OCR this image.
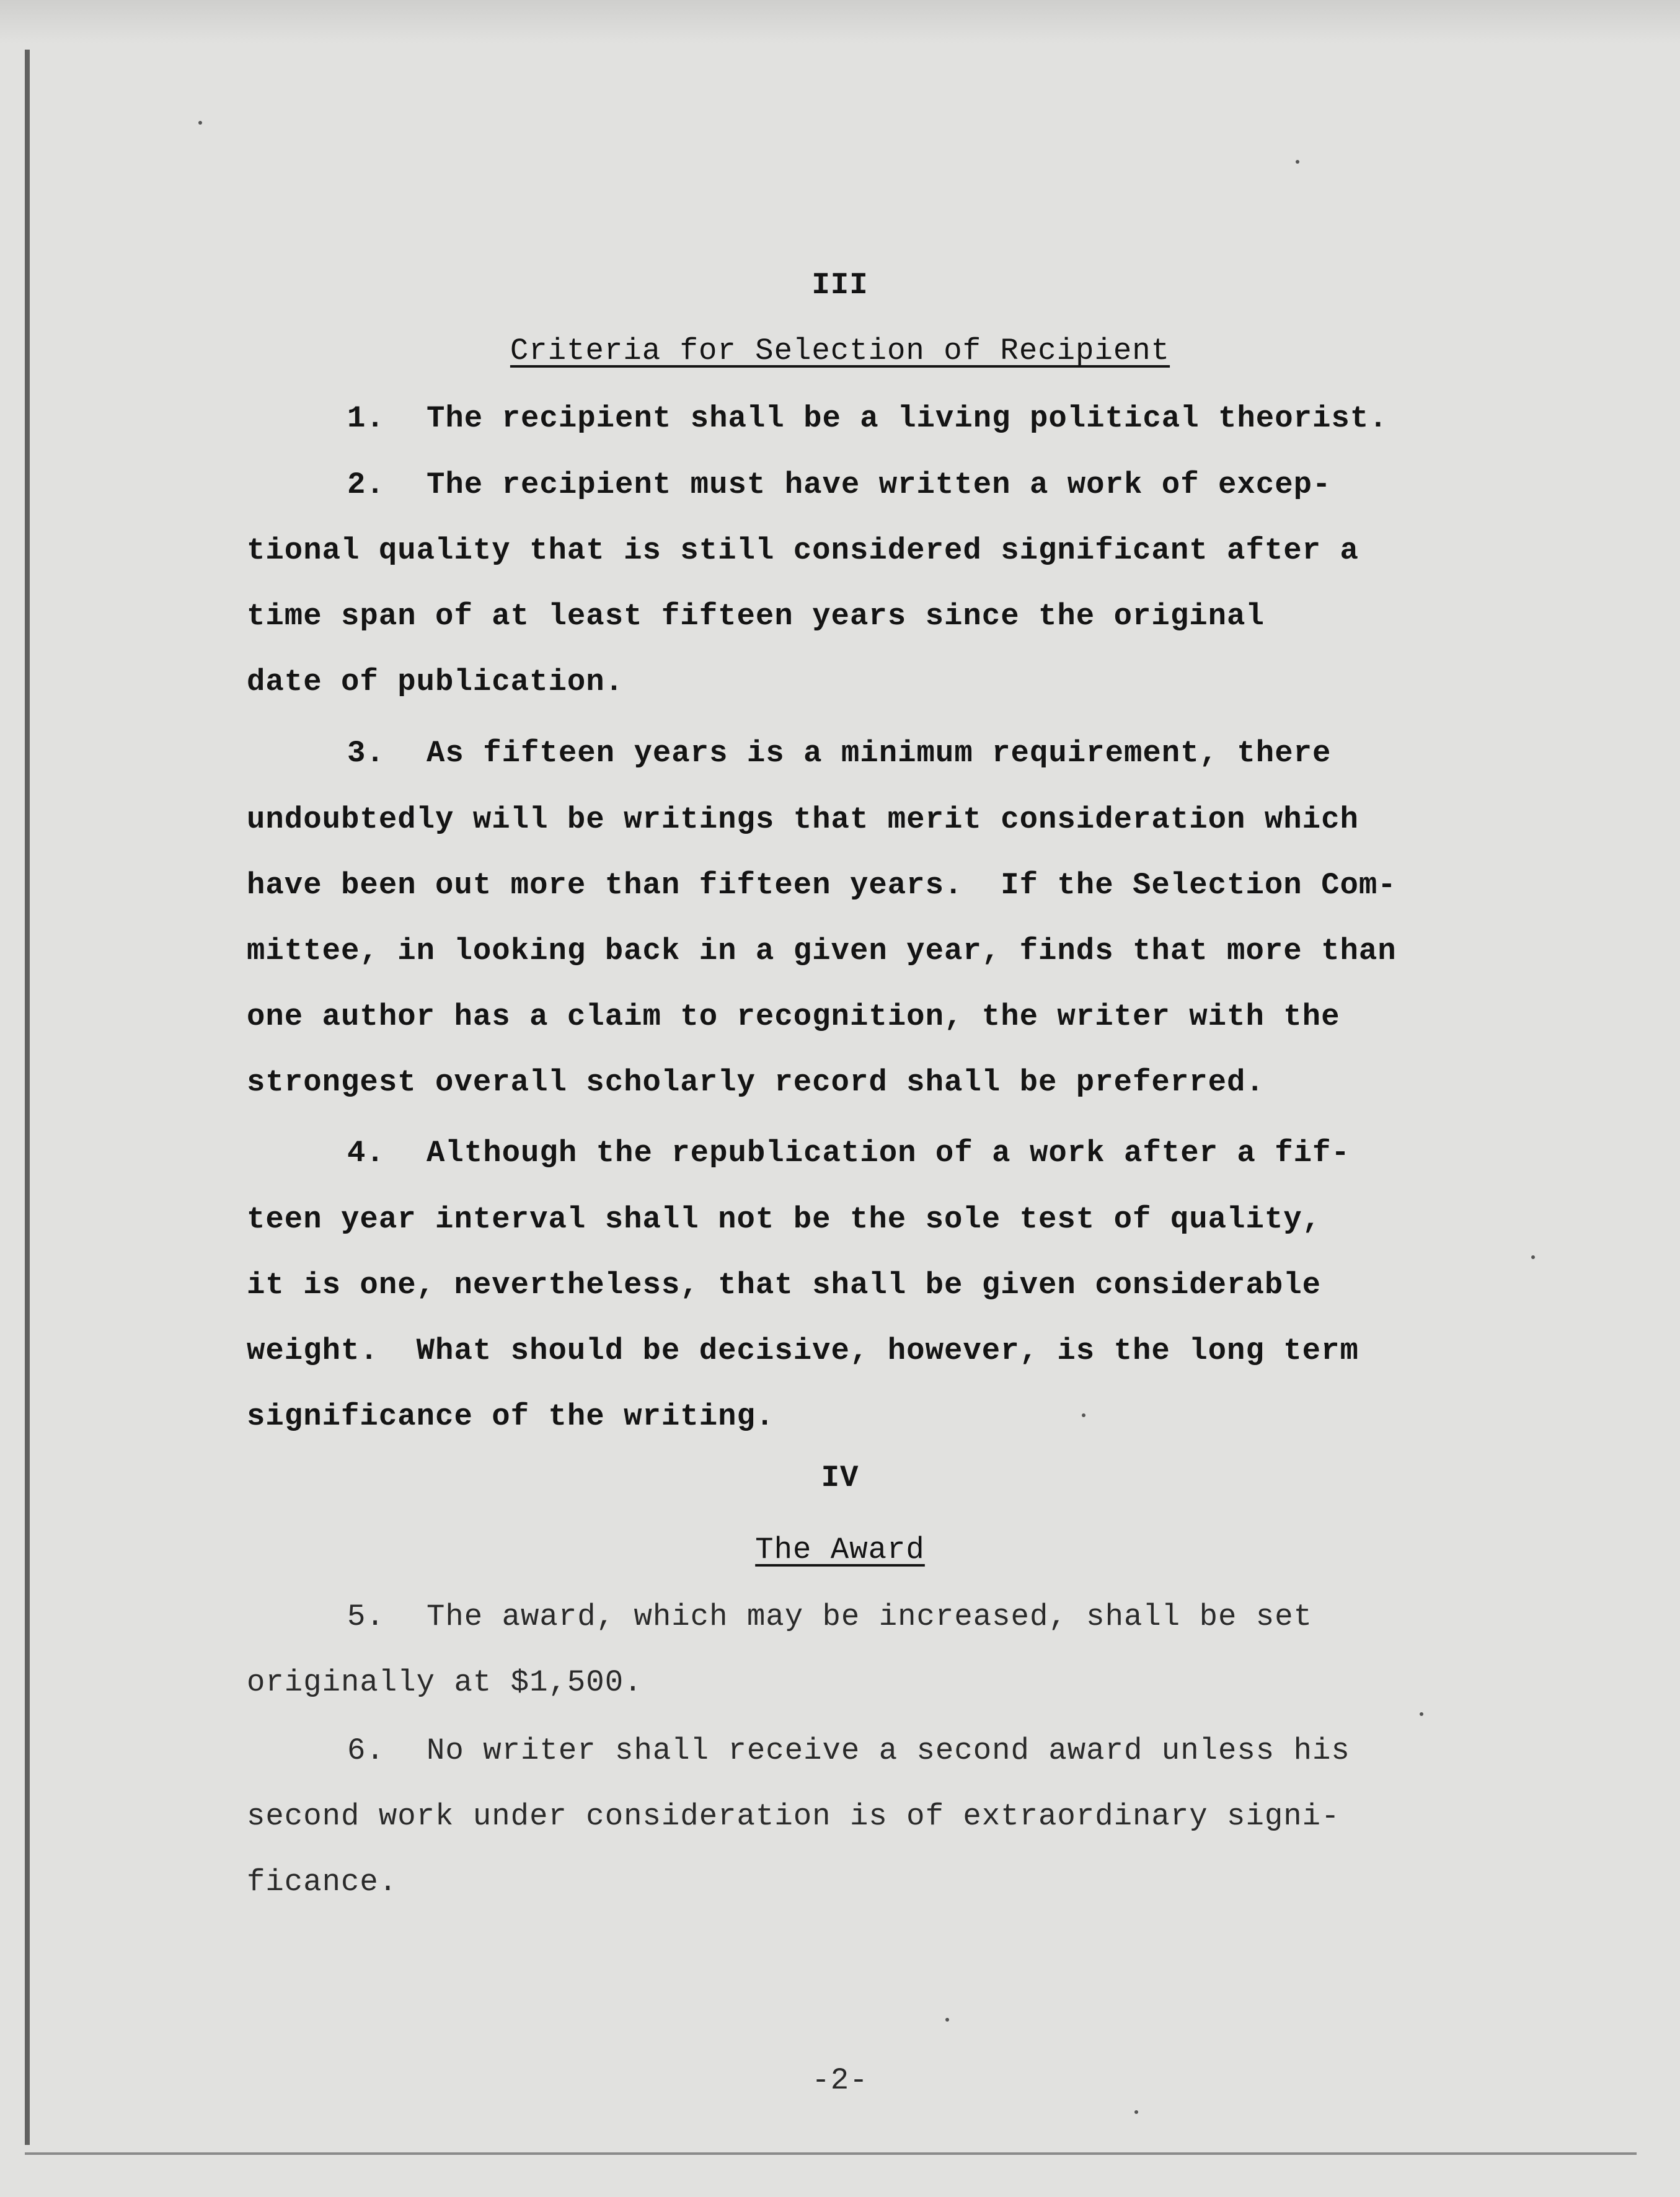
III
Criteria for Selection of Recipient
1. The recipient shall be a living political theorist.
2. The recipient must have written a work of excep-
tional quality that is still considered significant after a
time span of at least fifteen years since the original
date of publication.
3. As fifteen years is a minimum requirement, there
undoubtedly will be writings that merit consideration which
have been out more than fifteen years.  If the Selection Com-
mittee, in looking back in a given year, finds that more than
one author has a claim to recognition, the writer with the
strongest overall scholarly record shall be preferred.
4. Although the republication of a work after a fif-
teen year interval shall not be the sole test of quality,
it is one, nevertheless, that shall be given considerable
weight.  What should be decisive, however, is the long term
significance of the writing.
IV
The Award
5. The award, which may be increased, shall be set
originally at $1,500.
6. No writer shall receive a second award unless his
second work under consideration is of extraordinary signi-
ficance.
-2-
